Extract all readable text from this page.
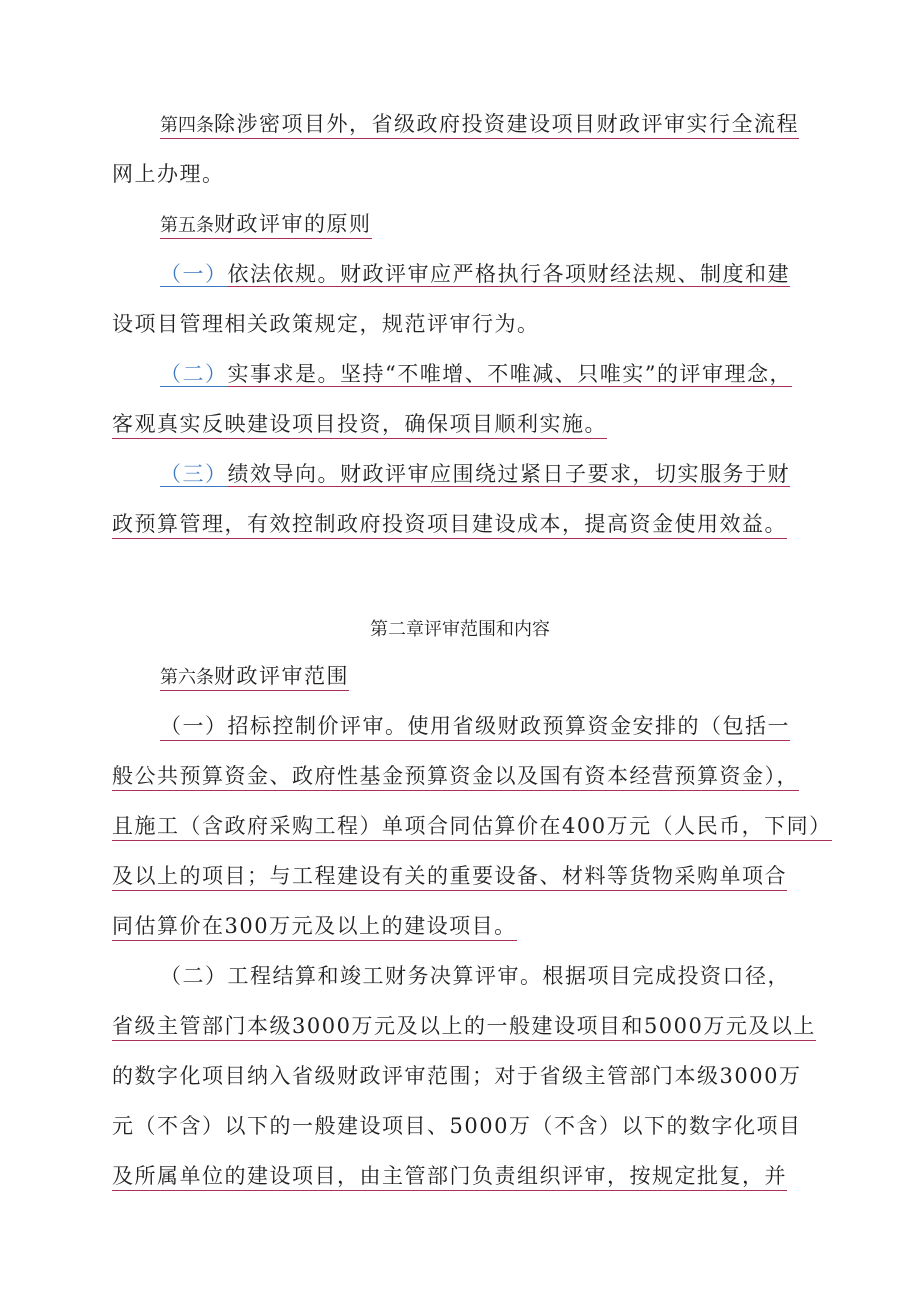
第四条除涉密项目外，省级政府投资建设项目财政评审实行全流程
网上办理。
第五条财政评审的原则
（一）依法依规。财政评审应严格执行各项财经法规、制度和建
设项目管理相关政策规定，规范评审行为。
（二）实事求是。坚持“不唯增、不唯减、只唯实”的评审理念，
客观真实反映建设项目投资，确保项目顺利实施。
（三）绩效导向。财政评审应围绕过紧日子要求，切实服务于财
政预算管理，有效控制政府投资项目建设成本，提高资金使用效益。
第二章评审范围和内容
第六条财政评审范围
（一）招标控制价评审。使用省级财政预算资金安排的（包括一
般公共预算资金、政府性基金预算资金以及国有资本经营预算资金），
且施工（含政府采购工程）单项合同估算价在400万元（人民币，下同）
及以上的项目；与工程建设有关的重要设备、材料等货物采购单项合
同估算价在300万元及以上的建设项目。
（二）工程结算和竣工财务决算评审。根据项目完成投资口径，
省级主管部门本级3000万元及以上的一般建设项目和5000万元及以上
的数字化项目纳入省级财政评审范围；对于省级主管部门本级3000万
元（不含）以下的一般建设项目、5000万（不含）以下的数字化项目
及所属单位的建设项目，由主管部门负责组织评审，按规定批复，并
